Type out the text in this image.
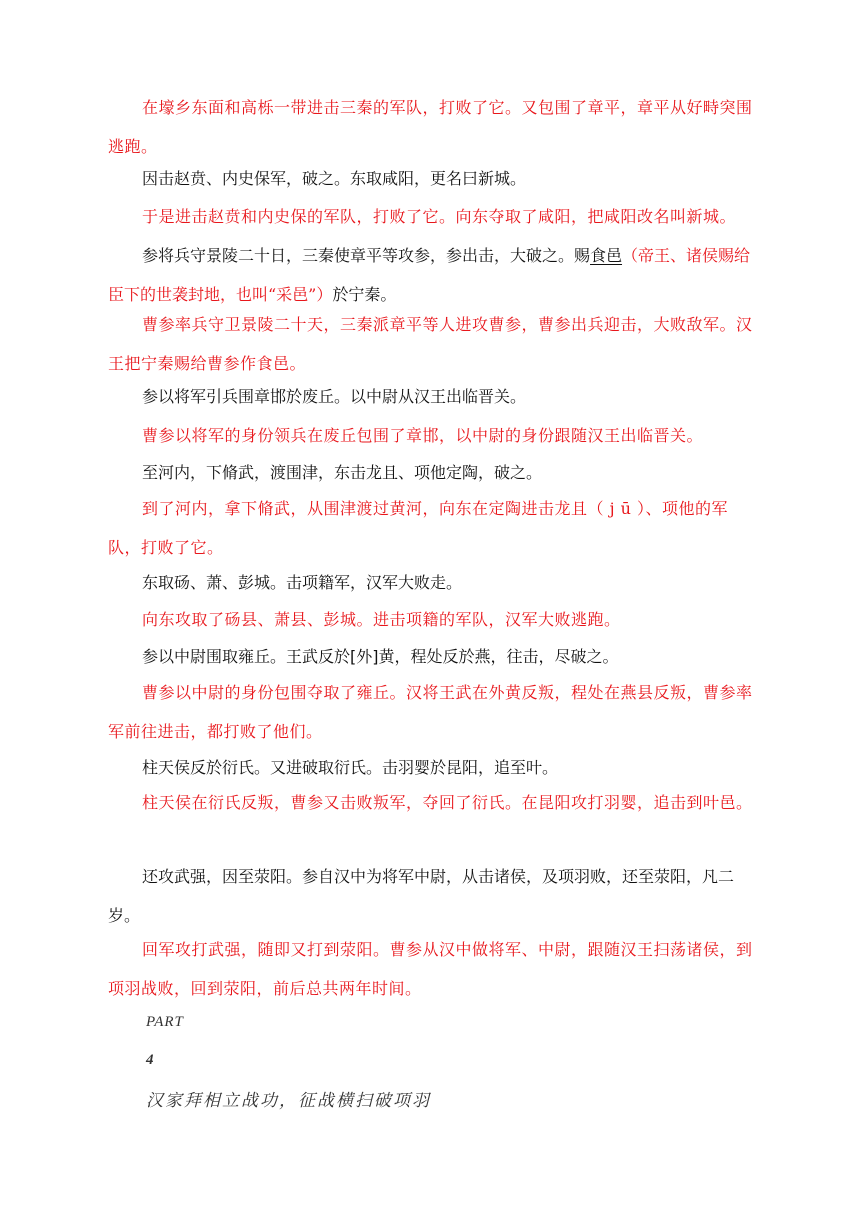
在壕乡东面和高栎一带进击三秦的军队，打败了它。又包围了章平，章平从好畤突围逃跑。

因击赵贲、内史保军，破之。东取咸阳，更名曰新城。

于是进击赵贲和内史保的军队，打败了它。向东夺取了咸阳，把咸阳改名叫新城。

参将兵守景陵二十日，三秦使章平等攻参，参出击，大破之。赐食邑（帝王、诸侯赐给臣下的世袭封地，也叫“采邑”）於宁秦。

曹参率兵守卫景陵二十天，三秦派章平等人进攻曹参，曹参出兵迎击，大败敌军。汉王把宁秦赐给曹参作食邑。

参以将军引兵围章邯於废丘。以中尉从汉王出临晋关。

曹参以将军的身份领兵在废丘包围了章邯，以中尉的身份跟随汉王出临晋关。

至河内，下脩武，渡围津，东击龙且、项他定陶，破之。

到了河内，拿下脩武，从围津渡过黄河，向东在定陶进击龙且（ j ū ）、项他的军队，打败了它。

东取砀、萧、彭城。击项籍军，汉军大败走。

向东攻取了砀县、萧县、彭城。进击项籍的军队，汉军大败逃跑。

参以中尉围取雍丘。王武反於[外]黄，程处反於燕，往击，尽破之。

曹参以中尉的身份包围夺取了雍丘。汉将王武在外黄反叛，程处在燕县反叛，曹参率军前往进击，都打败了他们。

柱天侯反於衍氏。又进破取衍氏。击羽婴於昆阳，追至叶。

柱天侯在衍氏反叛，曹参又击败叛军，夺回了衍氏。在昆阳攻打羽婴，追击到叶邑。

还攻武强，因至荥阳。参自汉中为将军中尉，从击诸侯，及项羽败，还至荥阳，凡二岁。

回军攻打武强，随即又打到荥阳。曹参从汉中做将军、中尉，跟随汉王扫荡诸侯，到项羽战败，回到荥阳，前后总共两年时间。

PART
4
汉家拜相立战功，征战横扫破项羽
